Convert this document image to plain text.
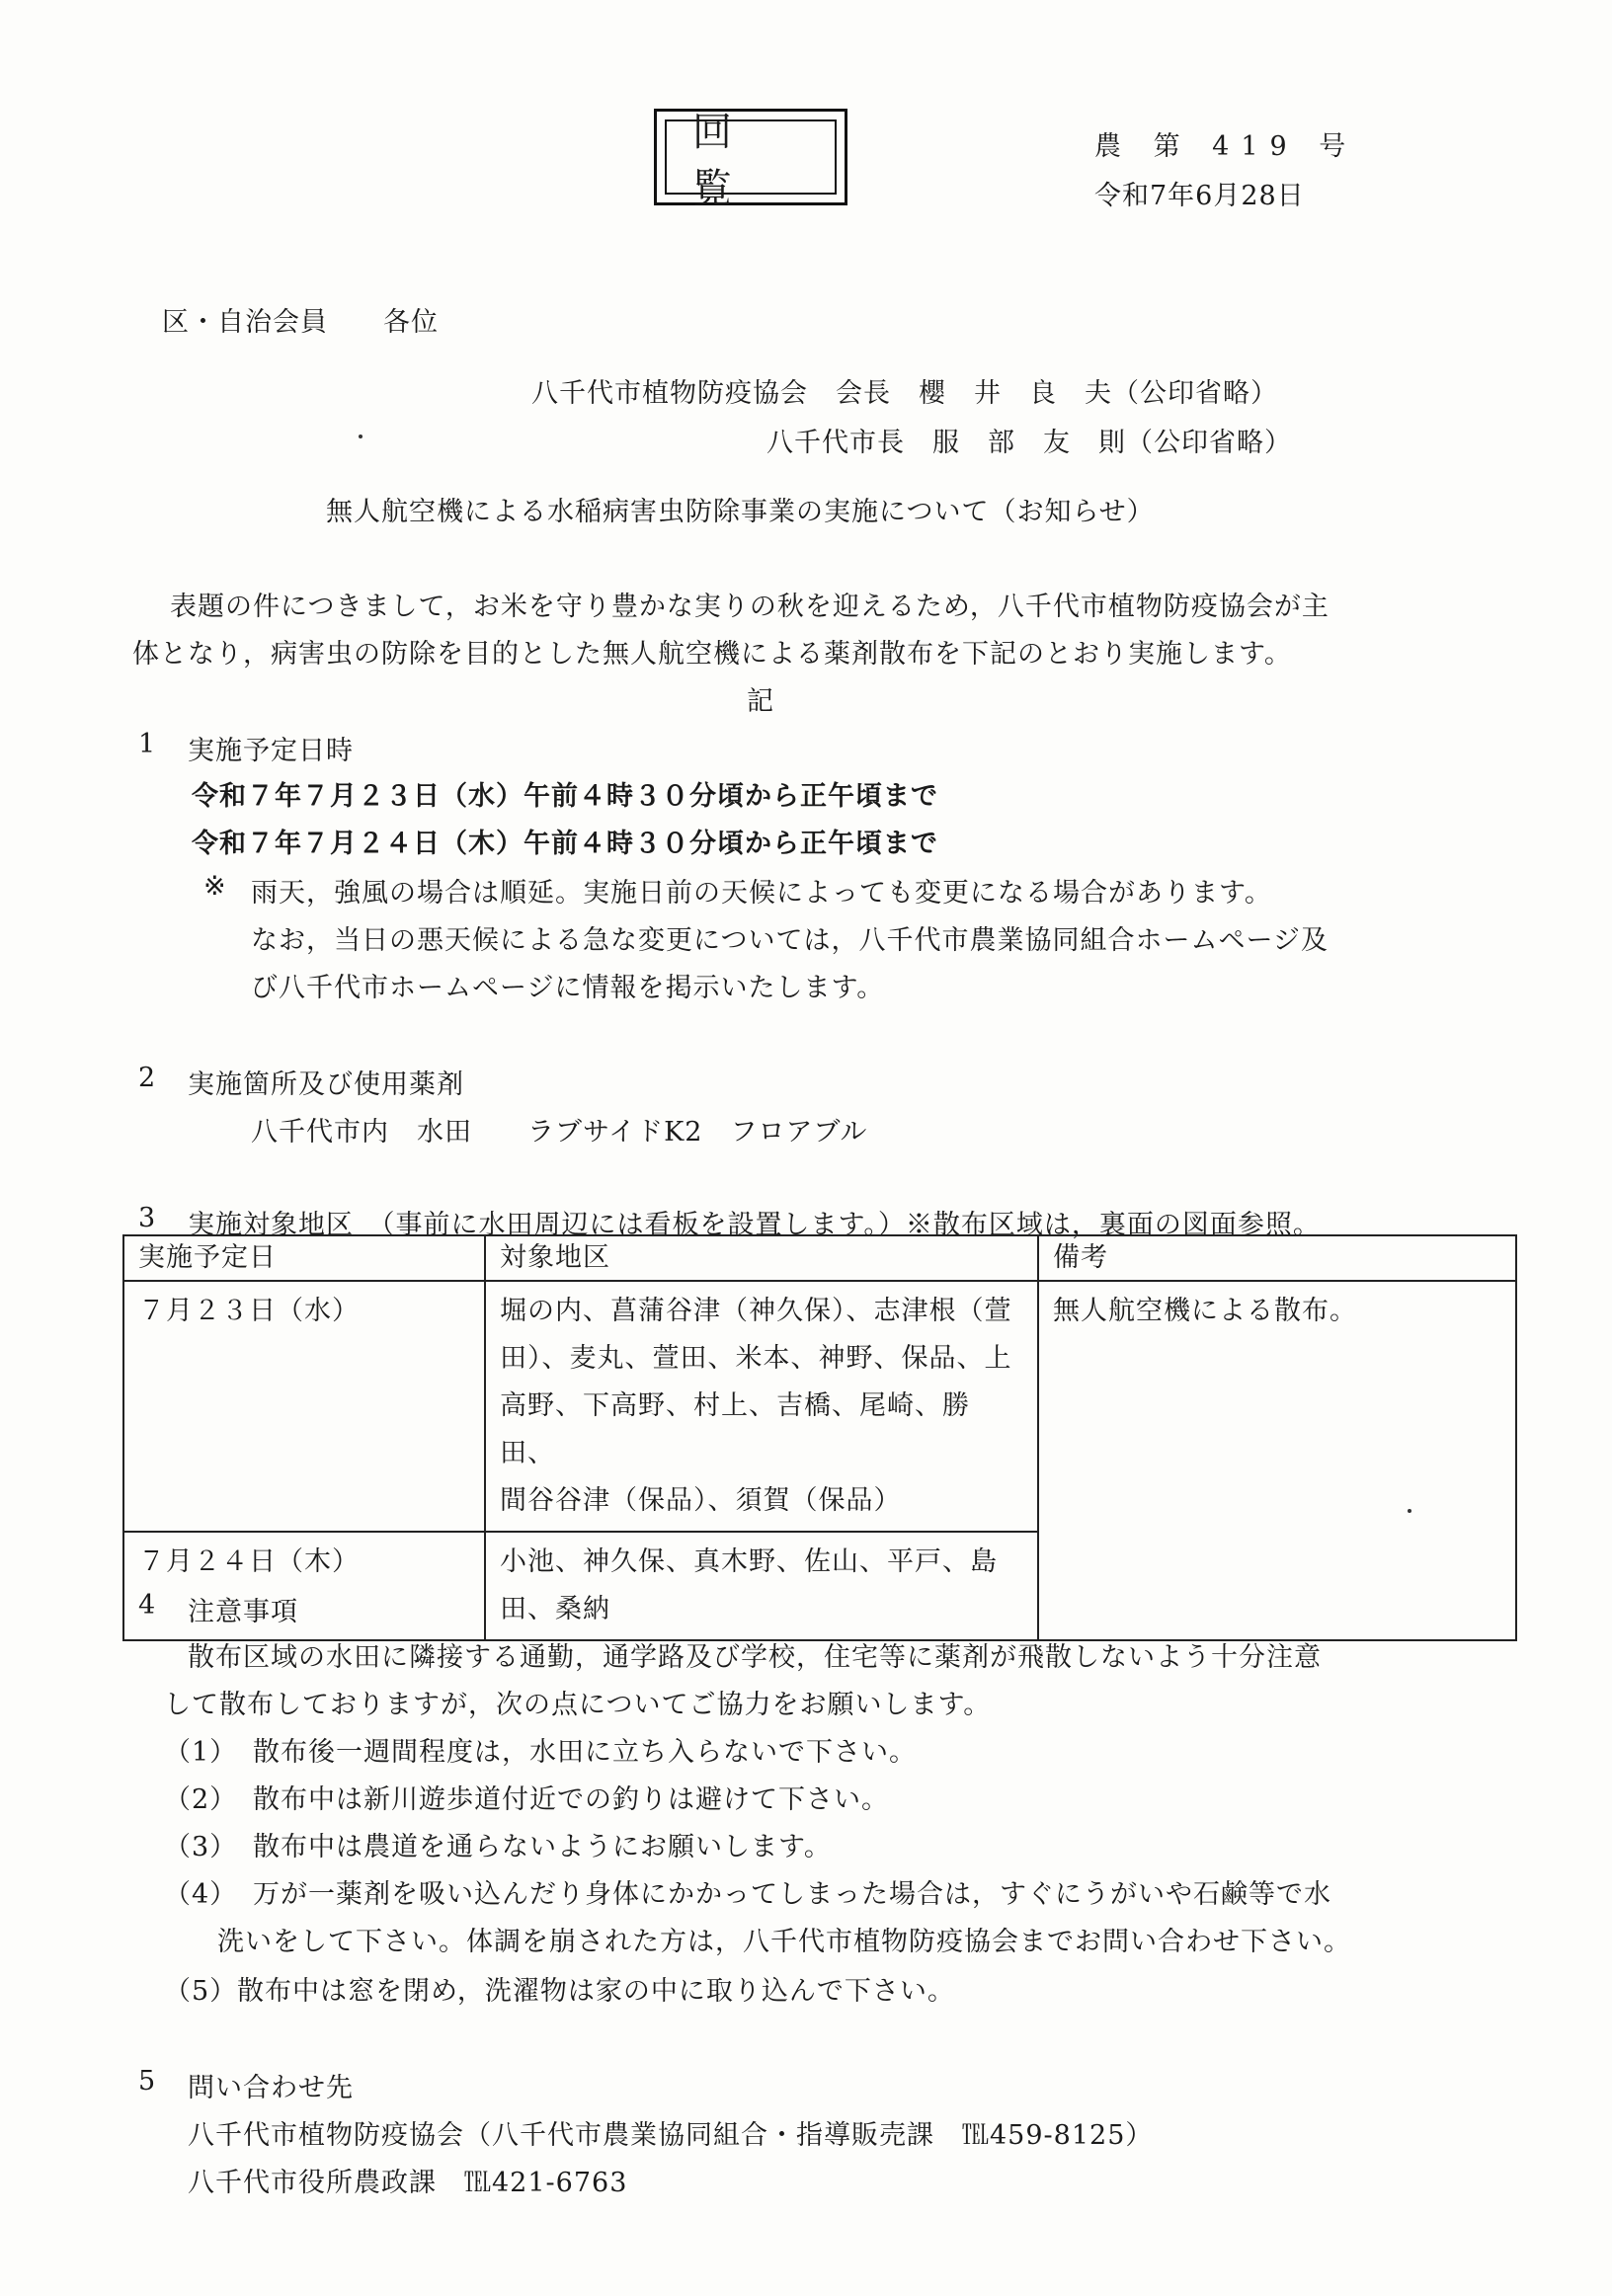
回　覧
農 第 419 号
令和7年6月28日
区・自治会員　　各位
八千代市植物防疫協会　会長　櫻　井　良　夫（公印省略）
八千代市長　服　部　友　則（公印省略）
無人航空機による水稲病害虫防除事業の実施について（お知らせ）
表題の件につきまして，お米を守り豊かな実りの秋を迎えるため，八千代市植物防疫協会が主
体となり，病害虫の防除を目的とした無人航空機による薬剤散布を下記のとおり実施します。
記
1 実施予定日時
令和７年７月２３日（水）午前４時３０分頃から正午頃まで
令和７年７月２４日（木）午前４時３０分頃から正午頃まで
※ 雨天，強風の場合は順延。実施日前の天候によっても変更になる場合があります。
なお，当日の悪天候による急な変更については，八千代市農業協同組合ホームページ及
び八千代市ホームページに情報を掲示いたします。
2 実施箇所及び使用薬剤
八千代市内　水田　　ラブサイドK2　フロアブル
3 実施対象地区　（事前に水田周辺には看板を設置します。）※散布区域は，裏面の図面参照。
実施予定日	対象地区	備考
７月２３日（水）	堀の内、菖蒲谷津（神久保）、志津根（萱
田）、麦丸、萱田、米本、神野、保品、上
高野、下高野、村上、吉橋、尾崎、勝田、
間谷谷津（保品）、須賀（保品）	無人航空機による散布。
７月２４日（木）	小池、神久保、真木野、佐山、平戸、島
田、桑納	
4 注意事項
散布区域の水田に隣接する通勤，通学路及び学校，住宅等に薬剤が飛散しないよう十分注意
して散布しておりますが，次の点についてご協力をお願いします。
（1） 散布後一週間程度は，水田に立ち入らないで下さい。
（2） 散布中は新川遊歩道付近での釣りは避けて下さい。
（3） 散布中は農道を通らないようにお願いします。
（4） 万が一薬剤を吸い込んだり身体にかかってしまった場合は，すぐにうがいや石鹸等で水
洗いをして下さい。体調を崩された方は，八千代市植物防疫協会までお問い合わせ下さい。
（5） 散布中は窓を閉め，洗濯物は家の中に取り込んで下さい。
5 問い合わせ先
八千代市植物防疫協会（八千代市農業協同組合・指導販売課　℡459-8125）
八千代市役所農政課　℡421-6763
